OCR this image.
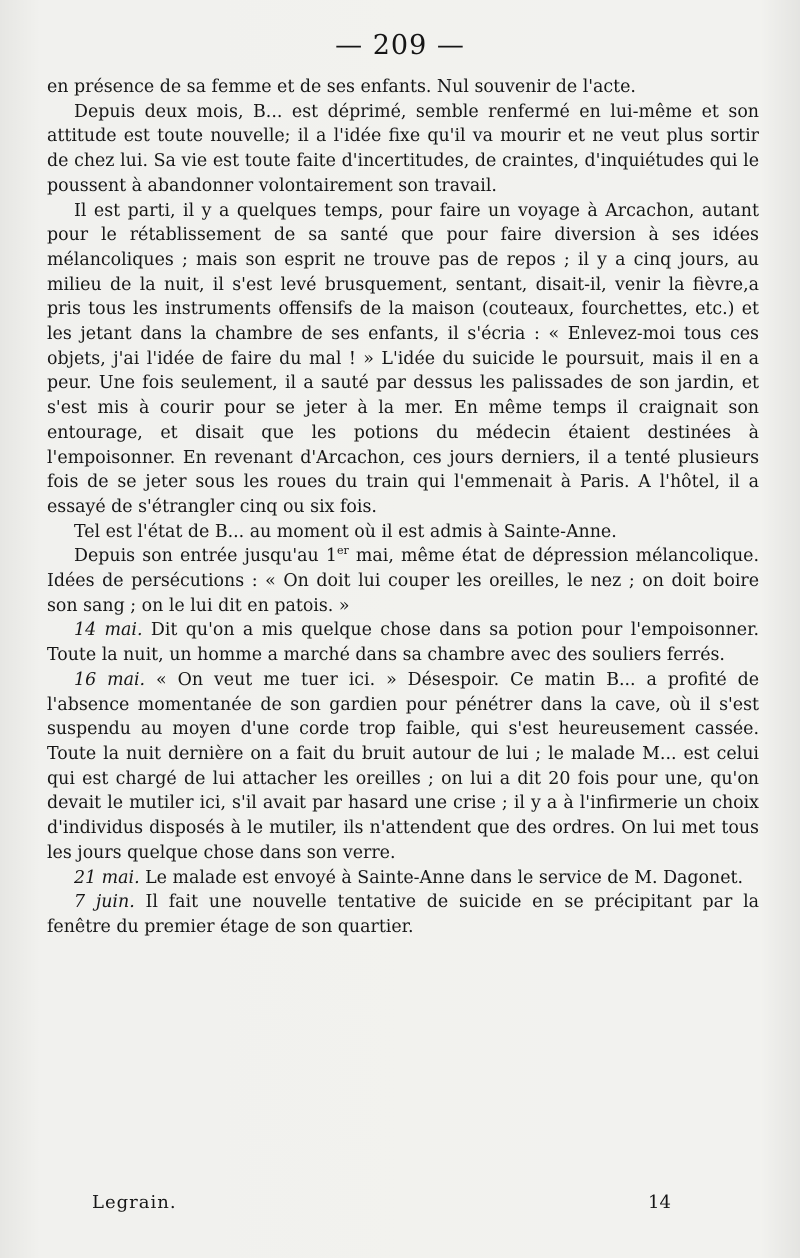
— 209 —

en présence de sa femme et de ses enfants. Nul souvenir de l'acte.

Depuis deux mois, B... est déprimé, semble renfermé en lui-même et son attitude est toute nouvelle; il a l'idée fixe qu'il va mourir et ne veut plus sortir de chez lui. Sa vie est toute faite d'incertitudes, de craintes, d'inquiétudes qui le poussent à abandonner volontairement son travail.

Il est parti, il y a quelques temps, pour faire un voyage à Arcachon, autant pour le rétablissement de sa santé que pour faire diversion à ses idées mélancoliques ; mais son esprit ne trouve pas de repos ; il y a cinq jours, au milieu de la nuit, il s'est levé brusquement, sentant, disait-il, venir la fièvre,a pris tous les instruments offensifs de la maison (couteaux, fourchettes, etc.) et les jetant dans la chambre de ses enfants, il s'écria : « Enlevez-moi tous ces objets, j'ai l'idée de faire du mal ! » L'idée du suicide le poursuit, mais il en a peur. Une fois seulement, il a sauté par dessus les palissades de son jardin, et s'est mis à courir pour se jeter à la mer. En même temps il craignait son entourage, et disait que les potions du médecin étaient destinées à l'empoisonner. En revenant d'Arcachon, ces jours derniers, il a tenté plusieurs fois de se jeter sous les roues du train qui l'emmenait à Paris. A l'hôtel, il a essayé de s'étrangler cinq ou six fois.

Tel est l'état de B... au moment où il est admis à Sainte-Anne.

Depuis son entrée jusqu'au 1er mai, même état de dépression mélancolique. Idées de persécutions : « On doit lui couper les oreilles, le nez ; on doit boire son sang ; on le lui dit en patois. »

14 mai. Dit qu'on a mis quelque chose dans sa potion pour l'empoisonner. Toute la nuit, un homme a marché dans sa chambre avec des souliers ferrés.

16 mai. « On veut me tuer ici. » Désespoir. Ce matin B... a profité de l'absence momentanée de son gardien pour pénétrer dans la cave, où il s'est suspendu au moyen d'une corde trop faible, qui s'est heureusement cassée. Toute la nuit dernière on a fait du bruit autour de lui ; le malade M... est celui qui est chargé de lui attacher les oreilles ; on lui a dit 20 fois pour une, qu'on devait le mutiler ici, s'il avait par hasard une crise ; il y a à l'infirmerie un choix d'individus disposés à le mutiler, ils n'attendent que des ordres. On lui met tous les jours quelque chose dans son verre.

21 mai. Le malade est envoyé à Sainte-Anne dans le service de M. Dagonet.

7 juin. Il fait une nouvelle tentative de suicide en se précipitant par la fenêtre du premier étage de son quartier.

Legrain.	14
